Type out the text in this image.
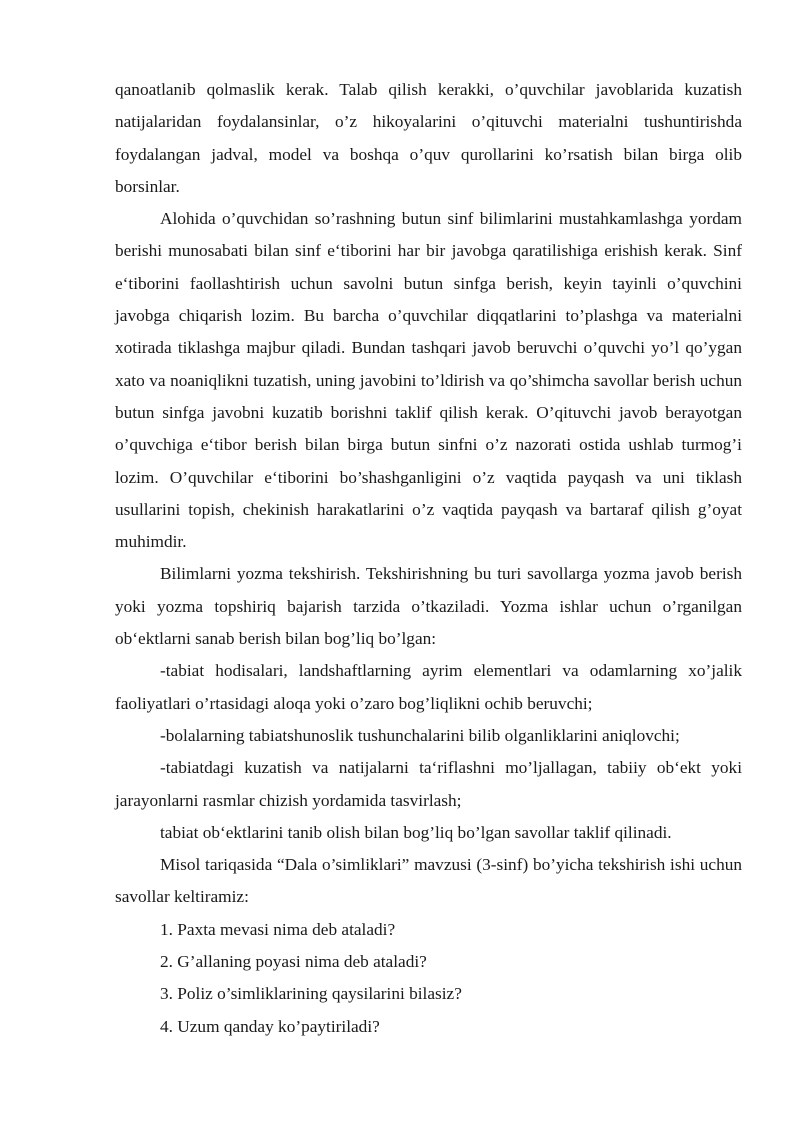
qanoatlanib qolmaslik kerak. Talab qilish kerakki, o’quvchilar javoblarida kuzatish natijalaridan foydalansinlar, o’z hikoyalarini o’qituvchi materialni tushuntirishda foydalangan jadval, model va boshqa o’quv qurollarini ko’rsatish bilan birga olib borsinlar.

Alohida o’quvchidan so’rashning butun sinf bilimlarini mustahkamlashga yordam berishi munosabati bilan sinf e‘tiborini har bir javobga qaratilishiga erishish kerak. Sinf e‘tiborini faollashtirish uchun savolni butun sinfga berish, keyin tayinli o’quvchini javobga chiqarish lozim. Bu barcha o’quvchilar diqqatlarini to’plashga va materialni xotirada tiklashga majbur qiladi. Bundan tashqari javob beruvchi o’quvchi yo’l qo’ygan xato va noaniqlikni tuzatish, uning javobini to’ldirish va qo’shimcha savollar berish uchun butun sinfga javobni kuzatib borishni taklif qilish kerak. O’qituvchi javob berayotgan o’quvchiga e‘tibor berish bilan birga butun sinfni o’z nazorati ostida ushlab turmog’i lozim. O’quvchilar e‘tiborini bo’shashganligini o’z vaqtida payqash va uni tiklash usullarini topish, chekinish harakatlarini o’z vaqtida payqash va bartaraf qilish g’oyat muhimdir.

Bilimlarni yozma tekshirish. Tekshirishning bu turi savollarga yozma javob berish yoki yozma topshiriq bajarish tarzida o’tkaziladi. Yozma ishlar uchun o’rganilgan ob‘ektlarni sanab berish bilan bog’liq bo’lgan:

-tabiat hodisalari, landshaftlarning ayrim elementlari va odamlarning xo’jalik faoliyatlari o’rtasidagi aloqa yoki o’zaro bog’liqlikni ochib beruvchi;

-bolalarning tabiatshunoslik tushunchalarini bilib olganliklarini aniqlovchi;

-tabiatdagi kuzatish va natijalarni ta‘riflashni mo’ljallagan, tabiiy ob‘ekt yoki jarayonlarni rasmlar chizish yordamida tasvirlash;

tabiat ob‘ektlarini tanib olish bilan bog’liq bo’lgan savollar taklif qilinadi.

Misol tariqasida “Dala o’simliklari” mavzusi (3-sinf) bo’yicha tekshirish ishi uchun savollar keltiramiz:

1. Paxta mevasi nima deb ataladi?

2. G’allaning poyasi nima deb ataladi?

3. Poliz o’simliklarining qaysilarini bilasiz?

4. Uzum qanday ko’paytiriladi?
